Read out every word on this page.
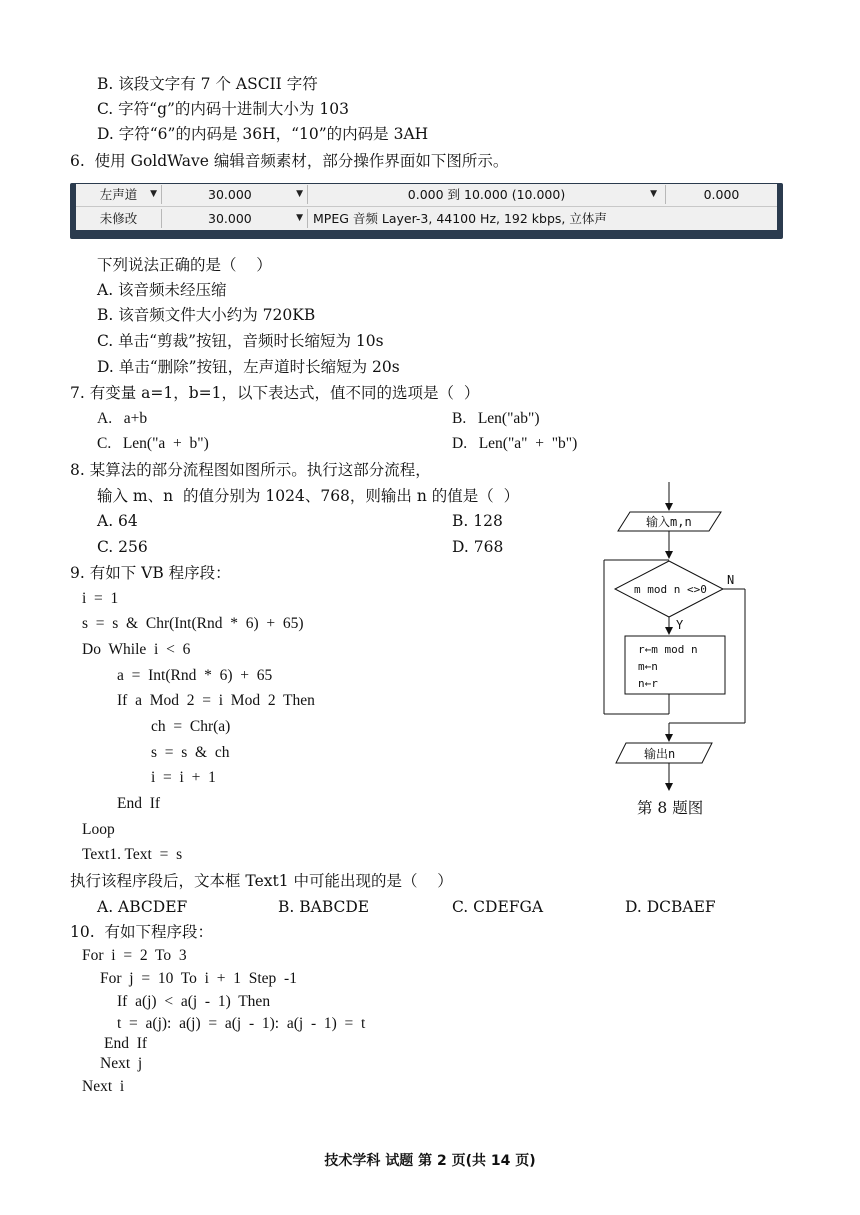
B. 该段文字有 7 个 ASCII 字符
C. 字符“g”的内码十进制大小为 103
D. 字符“6”的内码是 36H，“10”的内码是 3AH
6.  使用 GoldWave 编辑音频素材，部分操作界面如下图所示。
左声道 ▼	30.000	▼	0.000 到 10.000 (10.000)	▼	0.000
未修改	30.000	▼ MPEG 音频 Layer-3, 44100 Hz, 192 kbps, 立体声
下列说法正确的是（    ）
A. 该音频未经压缩
B. 该音频文件大小约为 720KB
C. 单击“剪裁”按钮，音频时长缩短为 10s
D. 单击“删除”按钮，左声道时长缩短为 20s
7. 有变量 a=1，b=1，以下表达式，值不同的选项是（  ）
A.   a+b	B.   Len("ab")
C.   Len("a  +  b")	D.   Len("a"  +  "b")
8. 某算法的部分流程图如图所示。执行这部分流程，
输入 m、n  的值分别为 1024、768，则输出 n 的值是（  ）
A. 64	B. 128
C. 256	D. 768
输入m,n
m mod n <>0
Y
N
r←m mod n
m←n
n←r
输出n
第 8 题图
9. 有如下 VB 程序段：
i  =  1
s  =  s  &  Chr(Int(Rnd  *  6)  +  65)
Do  While  i  <  6
a  =  Int(Rnd  *  6)  +  65
If  a  Mod  2  =  i  Mod  2  Then
ch  =  Chr(a)
s  =  s  &  ch
i  =  i  +  1
End  If
Loop
Text1. Text  =  s
执行该程序段后，文本框 Text1 中可能出现的是（    ）
A. ABCDEF	B. BABCDE	C. CDEFGA	D. DCBAEF
10.  有如下程序段：
For  i  =  2  To  3
For  j  =  10  To  i  +  1  Step  -1
If  a(j)  <  a(j  -  1)  Then
t  =  a(j):  a(j)  =  a(j  -  1):  a(j  -  1)  =  t
End  If
Next  j
Next  i
技术学科 试题 第 2 页(共 14 页)
